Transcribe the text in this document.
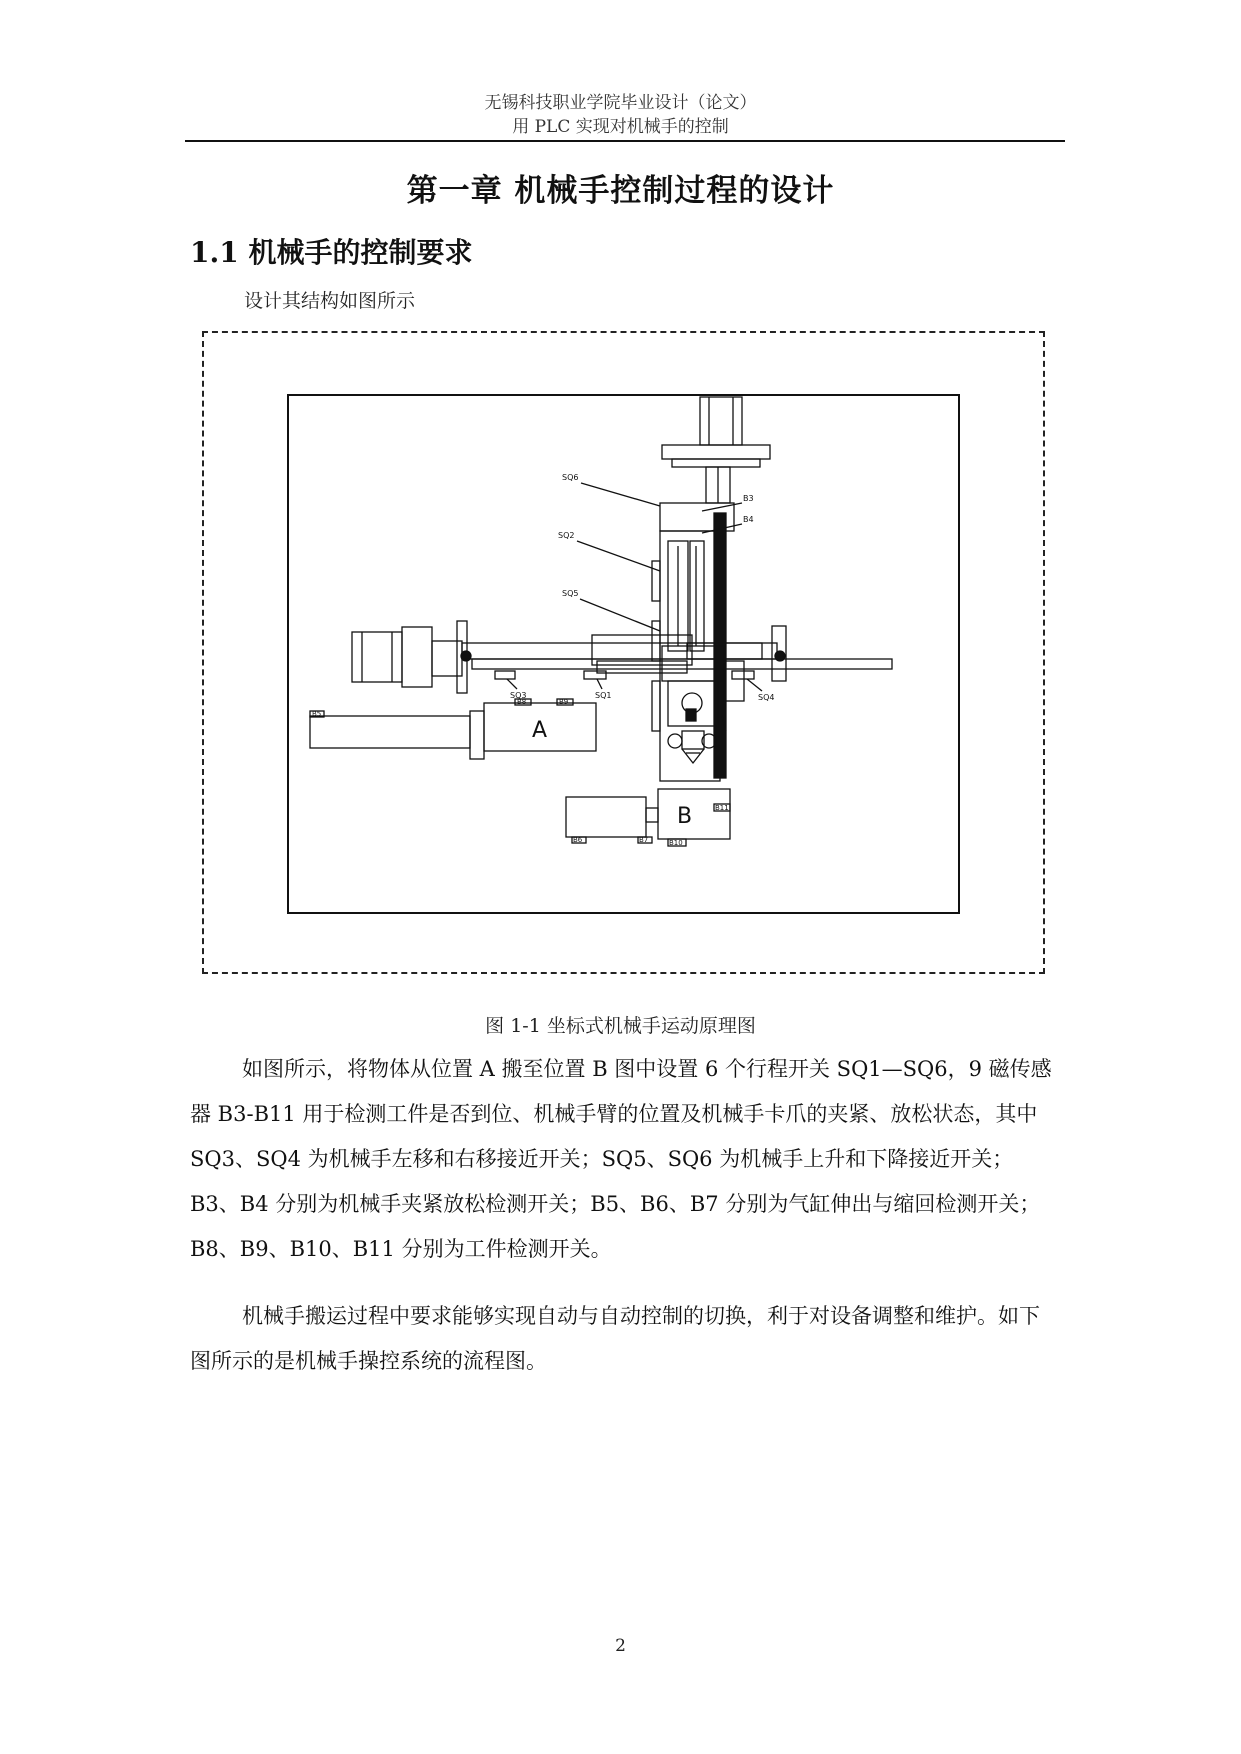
无锡科技职业学院毕业设计（论文）
用 PLC 实现对机械手的控制
第一章 机械手控制过程的设计
1.1 机械手的控制要求
设计其结构如图所示
SQ6
SQ2
SQ5
B3
B4
SQ3	SQ1	SQ4
B5
B8	B9
B6	B7	B10
B11
A
B
图 1-1 坐标式机械手运动原理图
如图所示，将物体从位置 A 搬至位置 B 图中设置 6 个行程开关 SQ1—SQ6，9 磁传感器 B3-B11 用于检测工件是否到位、机械手臂的位置及机械手卡爪的夹紧、放松状态，其中 SQ3、SQ4 为机械手左移和右移接近开关；SQ5、SQ6 为机械手上升和下降接近开关；B3、B4 分别为机械手夹紧放松检测开关；B5、B6、B7 分别为气缸伸出与缩回检测开关；B8、B9、B10、B11 分别为工件检测开关。
机械手搬运过程中要求能够实现自动与自动控制的切换，利于对设备调整和维护。如下图所示的是机械手操控系统的流程图。
2
